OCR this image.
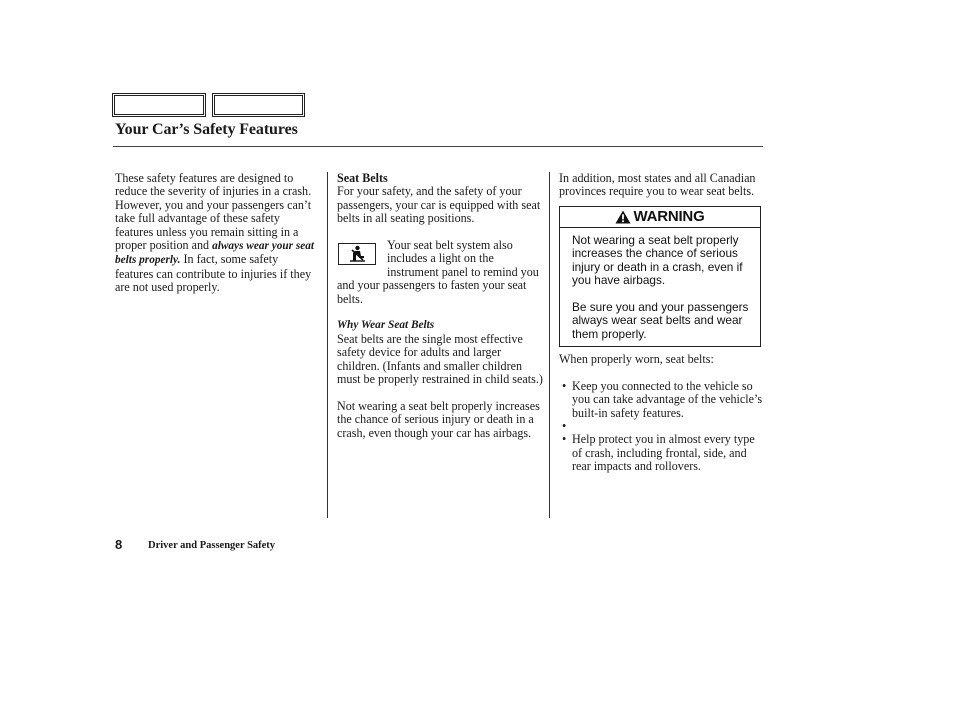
Your Car’s Safety Features

These safety features are designed to reduce the severity of injuries in a crash. However, you and your passengers can’t take full advantage of these safety features unless you remain sitting in a proper position and always wear your seat belts properly. In fact, some safety features can contribute to injuries if they are not used properly.

Seat Belts

For your safety, and the safety of your passengers, your car is equipped with seat belts in all seating positions.

Your seat belt system also includes a light on the instrument panel to remind you and your passengers to fasten your seat belts.

Why Wear Seat Belts

Seat belts are the single most effective safety device for adults and larger children. (Infants and smaller children must be properly restrained in child seats.)

Not wearing a seat belt properly increases the chance of serious injury or death in a crash, even though your car has airbags.

In addition, most states and all Canadian provinces require you to wear seat belts.

WARNING

Not wearing a seat belt properly increases the chance of serious injury or death in a crash, even if you have airbags.

Be sure you and your passengers always wear seat belts and wear them properly.

When properly worn, seat belts:

• Keep you connected to the vehicle so you can take advantage of the vehicle’s built-in safety features.
•
• Help protect you in almost every type of crash, including frontal, side, and rear impacts and rollovers.
8 Driver and Passenger Safety
